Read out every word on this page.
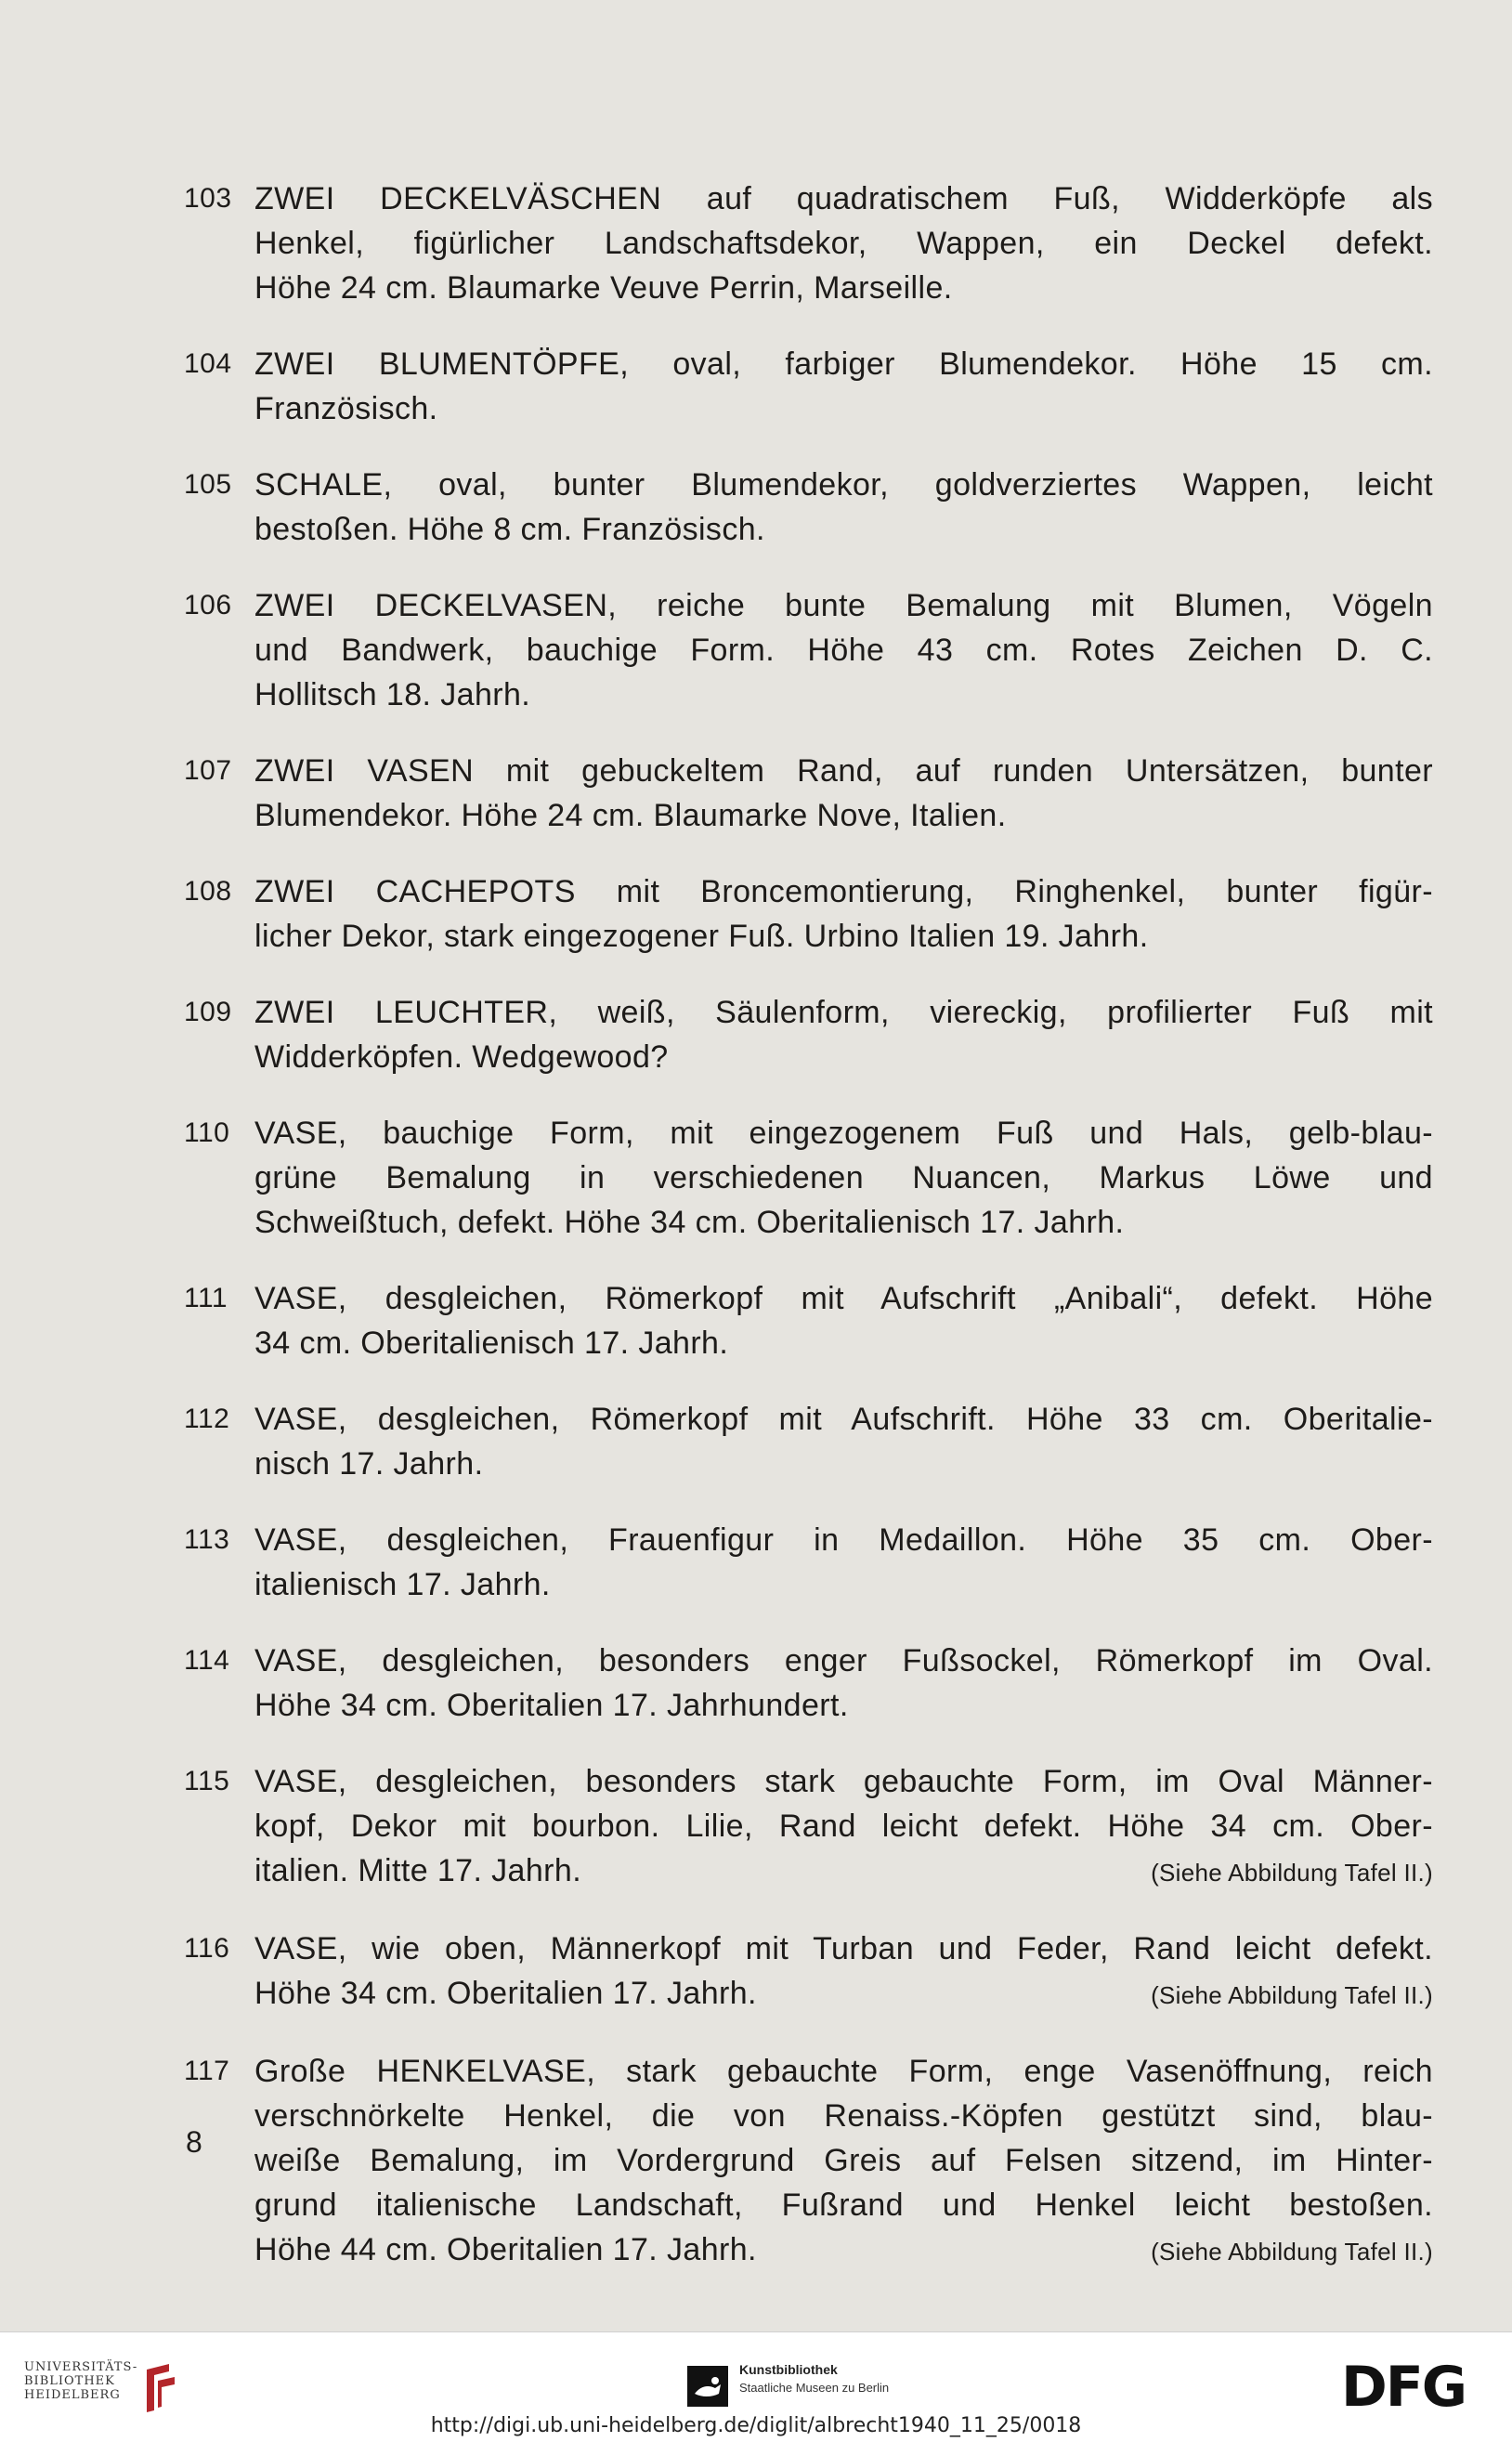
103 ZWEI DECKELVÄSCHEN auf quadratischem Fuß, Widderköpfe als
Henkel, figürlicher Landschaftsdekor, Wappen, ein Deckel defekt.
Höhe 24 cm. Blaumarke Veuve Perrin, Marseille.
104 ZWEI BLUMENTÖPFE, oval, farbiger Blumendekor. Höhe 15 cm.
Französisch.
105 SCHALE, oval, bunter Blumendekor, goldverziertes Wappen, leicht
bestoßen. Höhe 8 cm. Französisch.
106 ZWEI DECKELVASEN, reiche bunte Bemalung mit Blumen, Vögeln
und Bandwerk, bauchige Form. Höhe 43 cm. Rotes Zeichen D. C.
Hollitsch 18. Jahrh.
107 ZWEI VASEN mit gebuckeltem Rand, auf runden Untersätzen, bunter
Blumendekor. Höhe 24 cm. Blaumarke Nove, Italien.
108 ZWEI CACHEPOTS mit Broncemontierung, Ringhenkel, bunter figür-
licher Dekor, stark eingezogener Fuß. Urbino Italien 19. Jahrh.
109 ZWEI LEUCHTER, weiß, Säulenform, viereckig, profilierter Fuß mit
Widderköpfen. Wedgewood?
110 VASE, bauchige Form, mit eingezogenem Fuß und Hals, gelb-blau-
grüne Bemalung in verschiedenen Nuancen, Markus Löwe und
Schweißtuch, defekt. Höhe 34 cm. Oberitalienisch 17. Jahrh.
111 VASE, desgleichen, Römerkopf mit Aufschrift „Anibali“, defekt. Höhe
34 cm. Oberitalienisch 17. Jahrh.
112 VASE, desgleichen, Römerkopf mit Aufschrift. Höhe 33 cm. Oberitalie-
nisch 17. Jahrh.
113 VASE, desgleichen, Frauenfigur in Medaillon. Höhe 35 cm. Ober-
italienisch 17. Jahrh.
114 VASE, desgleichen, besonders enger Fußsockel, Römerkopf im Oval.
Höhe 34 cm. Oberitalien 17. Jahrhundert.
115 VASE, desgleichen, besonders stark gebauchte Form, im Oval Männer-
kopf, Dekor mit bourbon. Lilie, Rand leicht defekt. Höhe 34 cm. Ober-
italien. Mitte 17. Jahrh.	(Siehe Abbildung Tafel II.)
116 VASE, wie oben, Männerkopf mit Turban und Feder, Rand leicht defekt.
Höhe 34 cm. Oberitalien 17. Jahrh.	(Siehe Abbildung Tafel II.)
117 Große HENKELVASE, stark gebauchte Form, enge Vasenöffnung, reich
verschnörkelte Henkel, die von Renaiss.-Köpfen gestützt sind, blau-
weiße Bemalung, im Vordergrund Greis auf Felsen sitzend, im Hinter-
grund italienische Landschaft, Fußrand und Henkel leicht bestoßen.
Höhe 44 cm. Oberitalien 17. Jahrh.	(Siehe Abbildung Tafel II.)
8
UNIVERSITÄTS-
BIBLIOTHEK
HEIDELBERG
Kunstbibliothek
Staatliche Museen zu Berlin	DFG
http://digi.ub.uni-heidelberg.de/diglit/albrecht1940_11_25/0018
